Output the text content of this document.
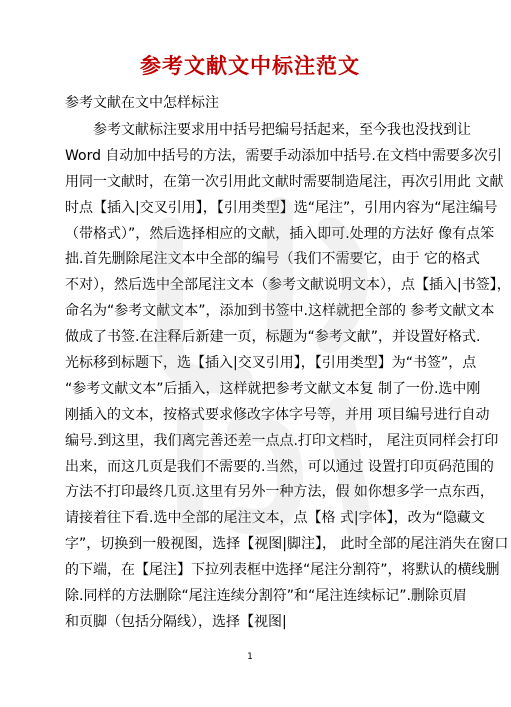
参考文献文中标注范文
参考文献在文中怎样标注
　　参考文献标注要求用中括号把编号括起来，至今我也没找到让
Word 自动加中括号的方法，需要手动添加中括号.在文档中需要多次引
用同一文献时，在第一次引用此文献时需要制造尾注，再次引用此 文献
时点【插入|交叉引用】，【引用类型】选“尾注”，引用内容为“尾注编号
（带格式）”，然后选择相应的文献，插入即可.处理的方法好 像有点笨
拙.首先删除尾注文本中全部的编号（我们不需要它，由于 它的格式
不对），然后选中全部尾注文本（参考文献说明文本），点【插入|书签】，
命名为“参考文献文本”，添加到书签中.这样就把全部的 参考文献文本
做成了书签.在注释后新建一页，标题为“参考文献”，并设置好格式.
光标移到标题下，选【插入|交叉引用】，【引用类型】为“书签”，点
“参考文献文本”后插入，这样就把参考文献文本复 制了一份.选中刚
刚插入的文本，按格式要求修改字体字号等，并用 项目编号进行自动
编号.到这里，我们离完善还差一点点.打印文档时， 尾注页同样会打印
出来，而这几页是我们不需要的.当然，可以通过 设置打印页码范围的
方法不打印最终几页.这里有另外一种方法，假 如你想多学一点东西，
请接着往下看.选中全部的尾注文本，点【格 式|字体】，改为“隐藏文
字”，切换到一般视图，选择【视图|脚注】， 此时全部的尾注消失在窗口
的下端，在【尾注】下拉列表框中选择“尾注分割符”，将默认的横线删
除.同样的方法删除“尾注连续分割符”和“尾注连续标记”.删除页眉
和页脚（包括分隔线），选择【视图|
1
